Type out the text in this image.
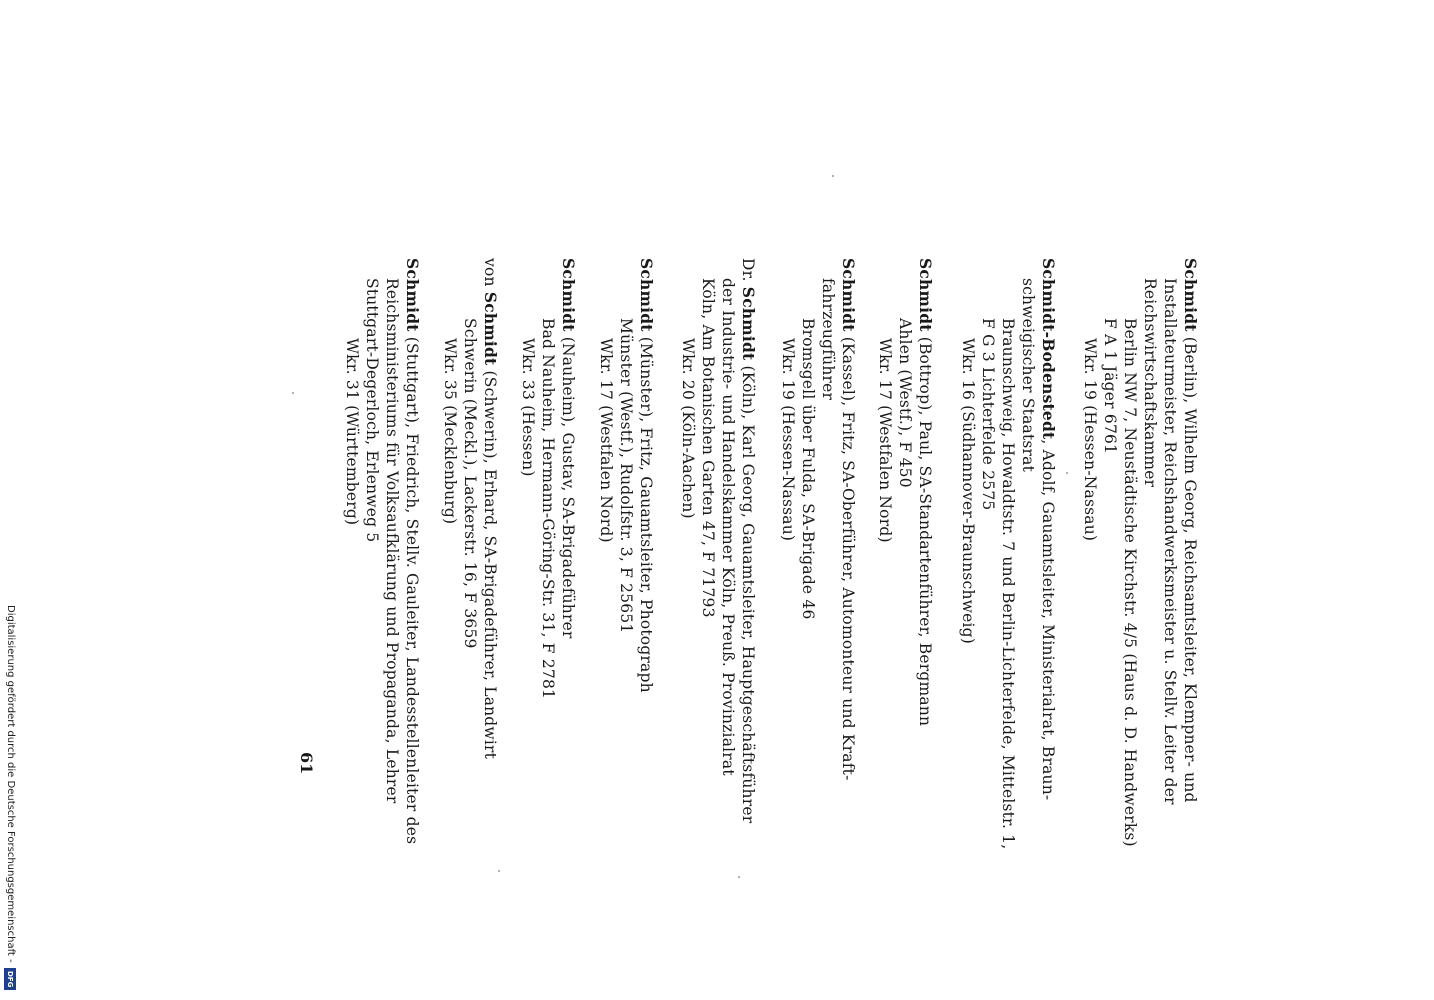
Schmidt (Berlin), Wilhelm Georg, Reichsamtsleiter, Klempner- und
Installateurmeister, Reichshandwerksmeister u. Stellv. Leiter der
Reichswirtschaftskammer
Berlin NW 7, Neustädtische Kirchstr. 4/5 (Haus d. D. Handwerks)
F A 1 Jäger 6761
Wkr. 19 (Hessen-Nassau)
Schmidt-Bodenstedt, Adolf, Gauamtsleiter, Ministerialrat, Braun-
schweigischer Staatsrat
Braunschweig, Howaldtstr. 7 und Berlin-Lichterfelde, Mittelstr. 1,
F G 3 Lichterfelde 2575
Wkr. 16 (Südhannover-Braunschweig)
Schmidt (Bottrop), Paul, SA-Standartenführer, Bergmann
Ahlen (Westf.), F 450
Wkr. 17 (Westfalen Nord)
Schmidt (Kassel), Fritz, SA-Oberführer, Automonteur und Kraft-
fahrzeugführer
Bromsgell über Fulda, SA-Brigade 46
Wkr. 19 (Hessen-Nassau)
Dr. Schmidt (Köln), Karl Georg, Gauamtsleiter, Hauptgeschäftsführer
der Industrie- und Handelskammer Köln, Preuß. Provinzialrat
Köln, Am Botanischen Garten 47, F 71793
Wkr. 20 (Köln-Aachen)
Schmidt (Münster), Fritz, Gauamtsleiter, Photograph
Münster (Westf.), Rudolfstr. 3, F 25651
Wkr. 17 (Westfalen Nord)
Schmidt (Nauheim), Gustav, SA-Brigadeführer
Bad Nauheim, Hermann-Göring-Str. 31, F 2781
Wkr. 33 (Hessen)
von Schmidt (Schwerin), Erhard, SA-Brigadeführer, Landwirt
Schwerin (Meckl.), Lackerstr. 16, F 3659
Wkr. 35 (Mecklenburg)
Schmidt (Stuttgart), Friedrich, Stellv. Gauleiter, Landesstellenleiter des
Reichsministeriums für Volksaufklärung und Propaganda, Lehrer
Stuttgart-Degerloch, Erlenweg 5
Wkr. 31 (Württemberg)
61
Digitalisierung gefördert durch die Deutsche Forschungsgemeinschaft -
DFG
